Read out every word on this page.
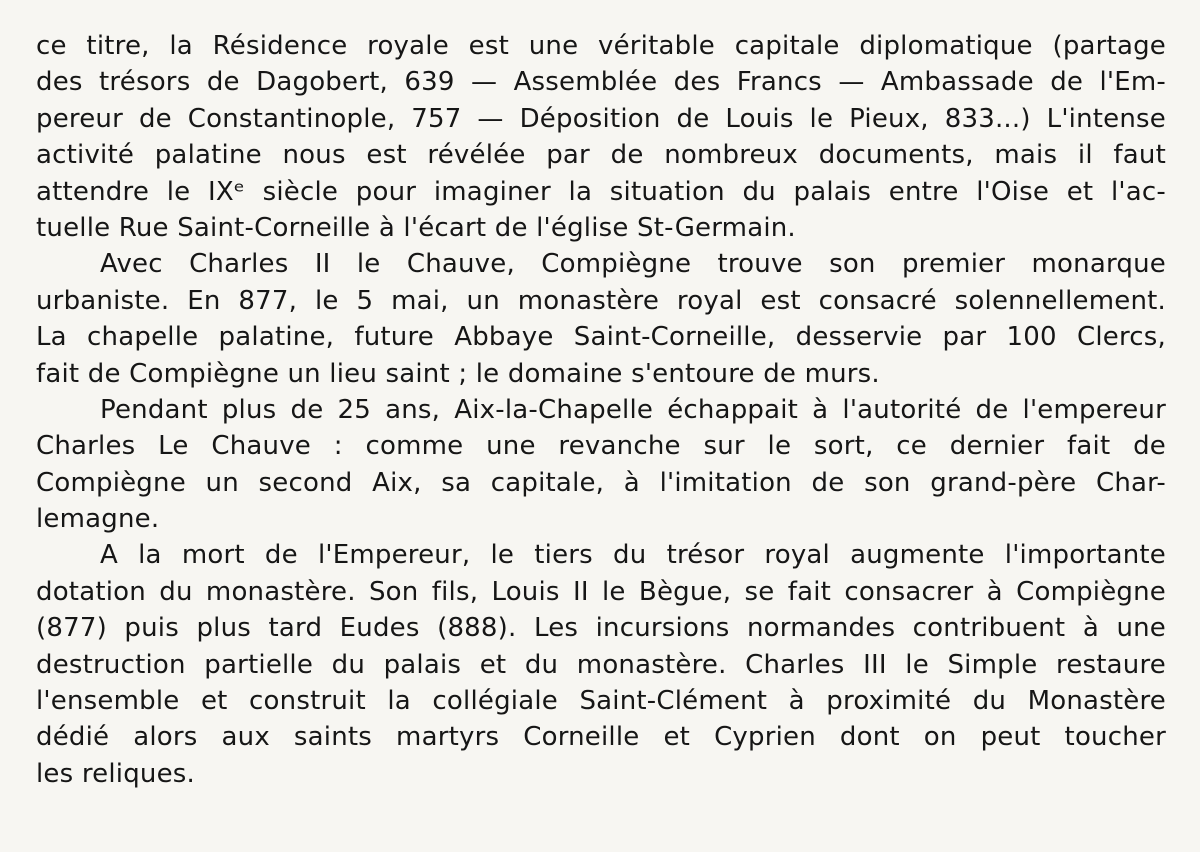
ce titre, la Résidence royale est une véritable capitale diplomatique (partage
des trésors de Dagobert, 639 — Assemblée des Francs — Ambassade de l'Em-
pereur de Constantinople, 757 — Déposition de Louis le Pieux, 833...) L'intense
activité palatine nous est révélée par de nombreux documents, mais il faut
attendre le IXᵉ siècle pour imaginer la situation du palais entre l'Oise et l'ac-
tuelle Rue Saint-Corneille à l'écart de l'église St-Germain.
Avec Charles II le Chauve, Compiègne trouve son premier monarque
urbaniste. En 877, le 5 mai, un monastère royal est consacré solennellement.
La chapelle palatine, future Abbaye Saint-Corneille, desservie par 100 Clercs,
fait de Compiègne un lieu saint ; le domaine s'entoure de murs.
Pendant plus de 25 ans, Aix-la-Chapelle échappait à l'autorité de l'empereur
Charles Le Chauve : comme une revanche sur le sort, ce dernier fait de
Compiègne un second Aix, sa capitale, à l'imitation de son grand-père Char-
lemagne.
A la mort de l'Empereur, le tiers du trésor royal augmente l'importante
dotation du monastère. Son fils, Louis II le Bègue, se fait consacrer à Compiègne
(877) puis plus tard Eudes (888). Les incursions normandes contribuent à une
destruction partielle du palais et du monastère. Charles III le Simple restaure
l'ensemble et construit la collégiale Saint-Clément à proximité du Monastère
dédié alors aux saints martyrs Corneille et Cyprien dont on peut toucher
les reliques.
